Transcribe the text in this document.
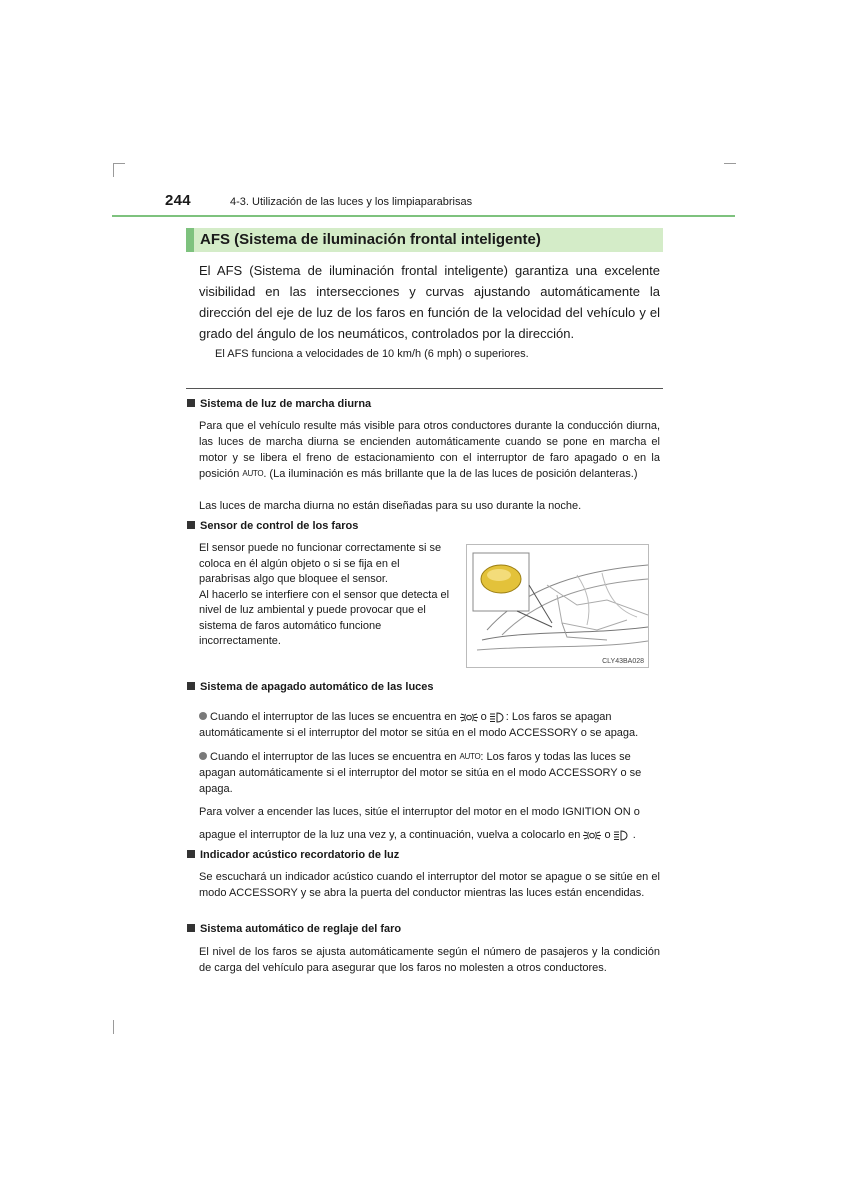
244	4-3. Utilización de las luces y los limpiaparabrisas
AFS (Sistema de iluminación frontal inteligente)
El AFS (Sistema de iluminación frontal inteligente) garantiza una excelente visibilidad en las intersecciones y curvas ajustando automáticamente la dirección del eje de luz de los faros en función de la velocidad del vehículo y el grado del ángulo de los neumáticos, controlados por la dirección.
El AFS funciona a velocidades de 10 km/h (6 mph) o superiores.
Sistema de luz de marcha diurna
Para que el vehículo resulte más visible para otros conductores durante la conducción diurna, las luces de marcha diurna se encienden automáticamente cuando se pone en marcha el motor y se libera el freno de estacionamiento con el interruptor de faro apagado o en la posición AUTO. (La iluminación es más brillante que la de las luces de posición delanteras.)
Las luces de marcha diurna no están diseñadas para su uso durante la noche.
Sensor de control de los faros
El sensor puede no funcionar correctamente si se coloca en él algún objeto o si se fija en el parabrisas algo que bloquee el sensor.
Al hacerlo se interfiere con el sensor que detecta el nivel de luz ambiental y puede provocar que el sistema de faros automático funcione incorrectamente.
CLY43BA028
Sistema de apagado automático de las luces
Cuando el interruptor de las luces se encuentra en o : Los faros se apagan automáticamente si el interruptor del motor se sitúa en el modo ACCESSORY o se apaga.
Cuando el interruptor de las luces se encuentra en AUTO: Los faros y todas las luces se apagan automáticamente si el interruptor del motor se sitúa en el modo ACCESSORY o se apaga.
Para volver a encender las luces, sitúe el interruptor del motor en el modo IGNITION ON o apague el interruptor de la luz una vez y, a continuación, vuelva a colocarlo en o .
Indicador acústico recordatorio de luz
Se escuchará un indicador acústico cuando el interruptor del motor se apague o se sitúe en el modo ACCESSORY y se abra la puerta del conductor mientras las luces están encendidas.
Sistema automático de reglaje del faro
El nivel de los faros se ajusta automáticamente según el número de pasajeros y la condición de carga del vehículo para asegurar que los faros no molesten a otros conductores.
